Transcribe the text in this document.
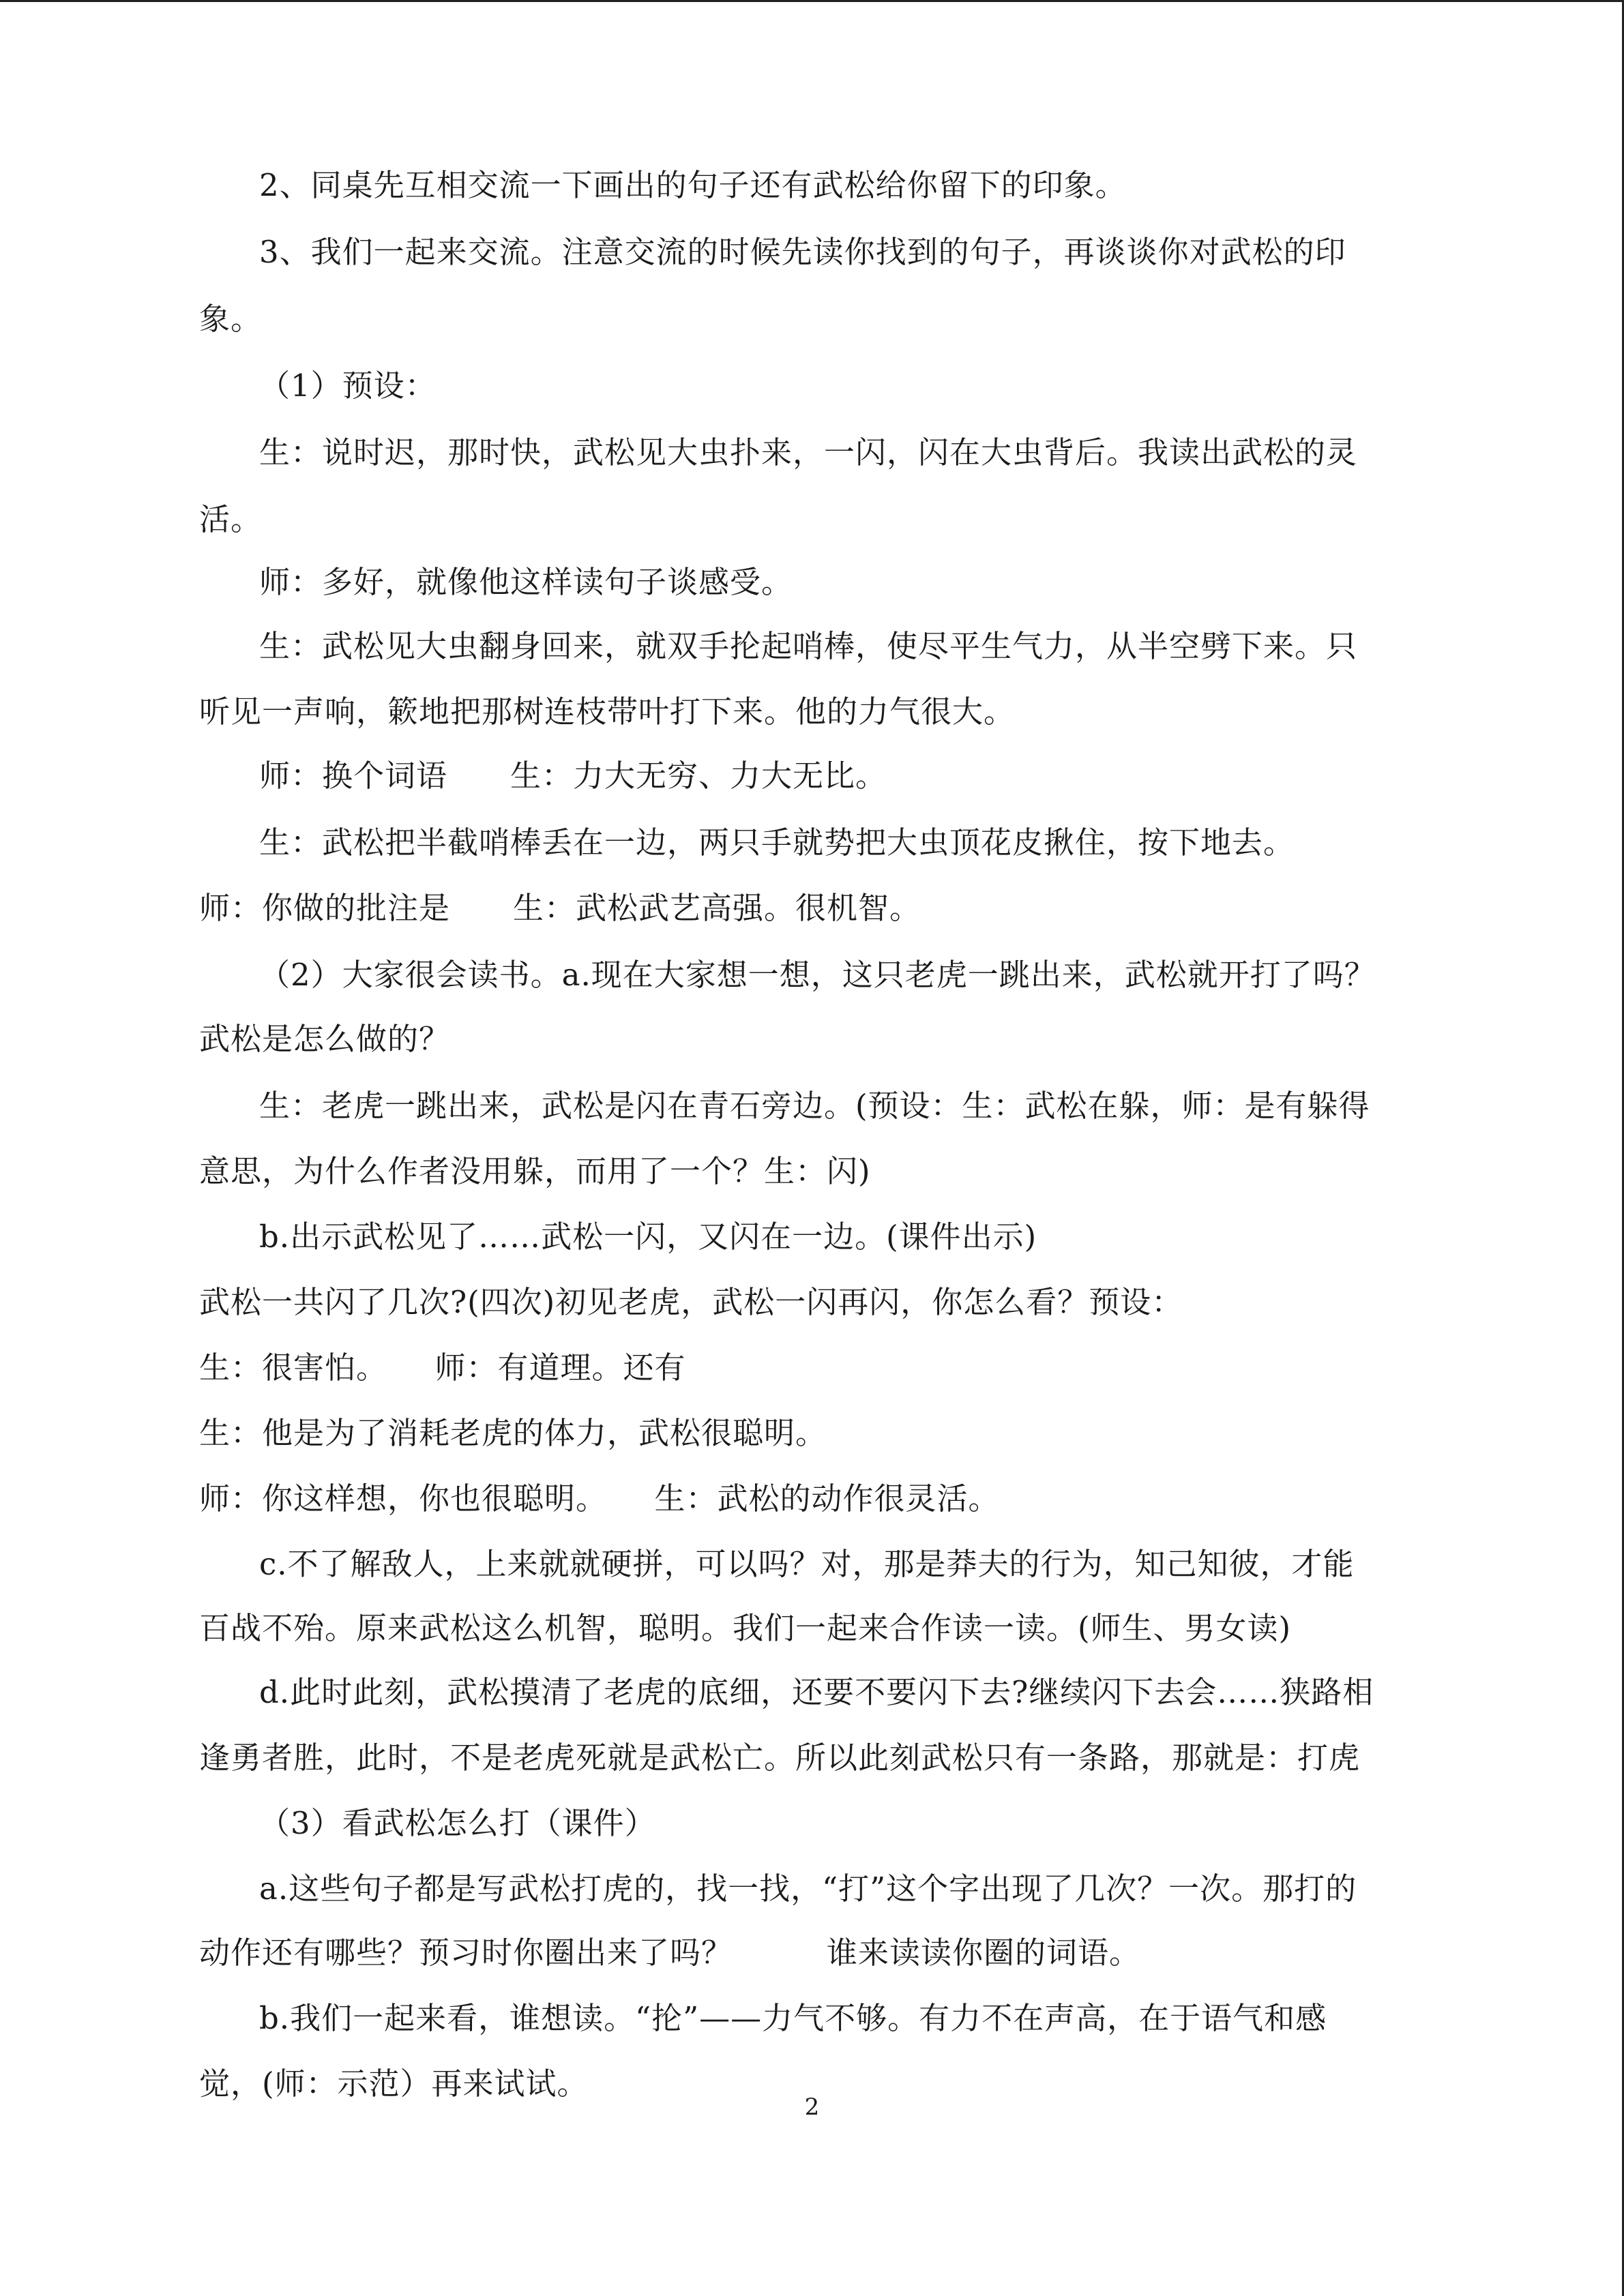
2、同桌先互相交流一下画出的句子还有武松给你留下的印象。
3、我们一起来交流。注意交流的时候先读你找到的句子，再谈谈你对武松的印
象。
（1）预设：
生：说时迟，那时快，武松见大虫扑来，一闪，闪在大虫背后。我读出武松的灵
活。
师：多好，就像他这样读句子谈感受。
生：武松见大虫翻身回来，就双手抡起哨棒，使尽平生气力，从半空劈下来。只
听见一声响，簌地把那树连枝带叶打下来。他的力气很大。
师：换个词语　　生：力大无穷、力大无比。
生：武松把半截哨棒丢在一边，两只手就势把大虫顶花皮揪住，按下地去。
师：你做的批注是　　生：武松武艺高强。很机智。
（2）大家很会读书。a.现在大家想一想，这只老虎一跳出来，武松就开打了吗？
武松是怎么做的？
生：老虎一跳出来，武松是闪在青石旁边。(预设：生：武松在躲，师：是有躲得
意思，为什么作者没用躲，而用了一个？生：闪)
b.出示武松见了……武松一闪，又闪在一边。(课件出示)
武松一共闪了几次?(四次)初见老虎，武松一闪再闪，你怎么看？预设：
生：很害怕。　　师：有道理。还有
生：他是为了消耗老虎的体力，武松很聪明。
师：你这样想，你也很聪明。　　生：武松的动作很灵活。
c.不了解敌人，上来就就硬拼，可以吗？对，那是莽夫的行为，知己知彼，才能
百战不殆。原来武松这么机智，聪明。我们一起来合作读一读。(师生、男女读)
d.此时此刻，武松摸清了老虎的底细，还要不要闪下去?继续闪下去会……狭路相
逢勇者胜，此时，不是老虎死就是武松亡。所以此刻武松只有一条路，那就是：打虎
（3）看武松怎么打（课件）
a.这些句子都是写武松打虎的，找一找，“打”这个字出现了几次？一次。那打的
动作还有哪些？预习时你圈出来了吗？　　　谁来读读你圈的词语。
b.我们一起来看，谁想读。“抡”——力气不够。有力不在声高，在于语气和感
觉，(师：示范）再来试试。
2
